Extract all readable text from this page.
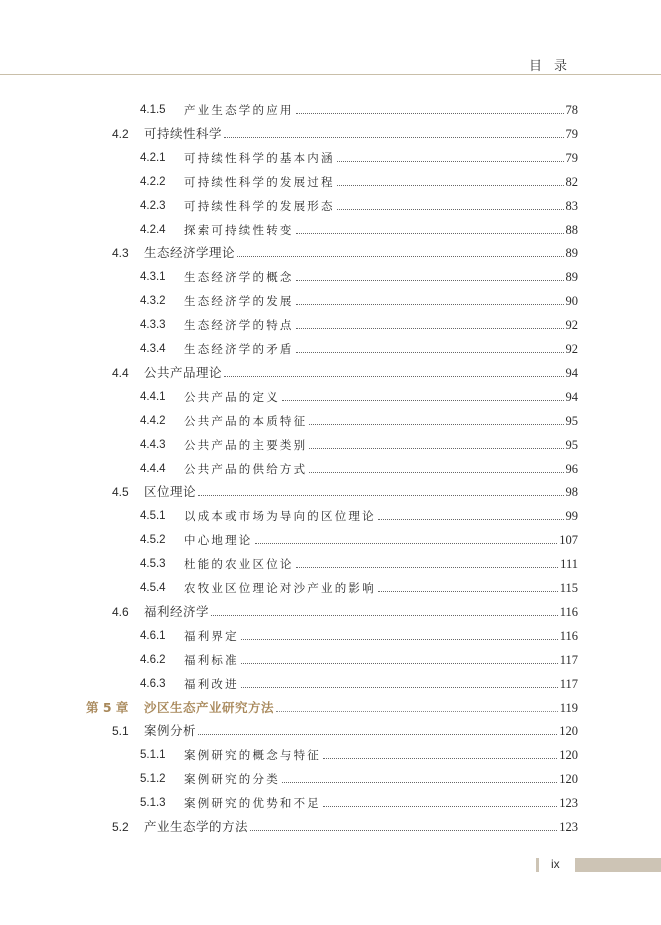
目录
4.1.5	产业生态学的应用	78
4.2	可持续性科学	79
4.2.1	可持续性科学的基本内涵	79
4.2.2	可持续性科学的发展过程	82
4.2.3	可持续性科学的发展形态	83
4.2.4	探索可持续性转变	88
4.3	生态经济学理论	89
4.3.1	生态经济学的概念	89
4.3.2	生态经济学的发展	90
4.3.3	生态经济学的特点	92
4.3.4	生态经济学的矛盾	92
4.4	公共产品理论	94
4.4.1	公共产品的定义	94
4.4.2	公共产品的本质特征	95
4.4.3	公共产品的主要类别	95
4.4.4	公共产品的供给方式	96
4.5	区位理论	98
4.5.1	以成本或市场为导向的区位理论	99
4.5.2	中心地理论	107
4.5.3	杜能的农业区位论	111
4.5.4	农牧业区位理论对沙产业的影响	115
4.6	福利经济学	116
4.6.1	福利界定	116
4.6.2	福利标准	117
4.6.3	福利改进	117
第 5 章	沙区生态产业研究方法	119
5.1	案例分析	120
5.1.1	案例研究的概念与特征	120
5.1.2	案例研究的分类	120
5.1.3	案例研究的优势和不足	123
5.2	产业生态学的方法	123
ix
